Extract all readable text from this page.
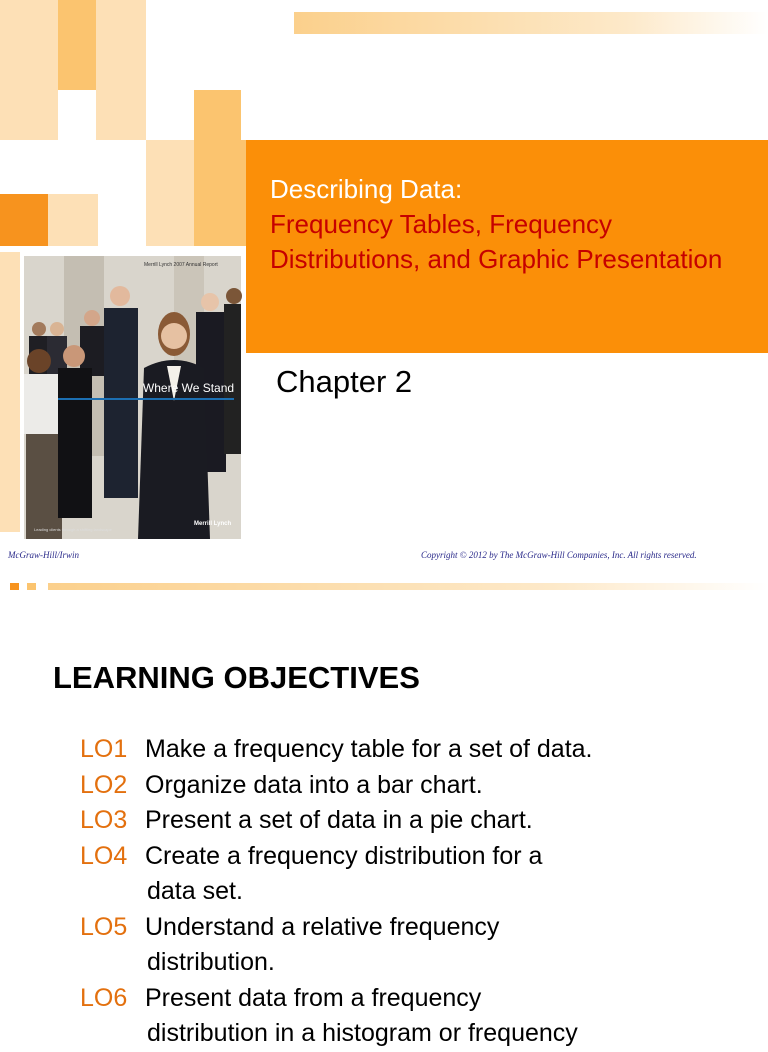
Describing Data:
Frequency Tables, Frequency Distributions, and Graphic Presentation

Chapter 2

Merrill Lynch 2007 Annual Report
Where We Stand
Leading clients through a shifting landscape
Merrill Lynch
McGraw-Hill/Irwin	Copyright © 2012 by The McGraw-Hill Companies, Inc. All rights reserved.
LEARNING OBJECTIVES
LO1 Make a frequency table for a set of data.
LO2 Organize data into a bar chart.
LO3 Present a set of data in a pie chart.
LO4 Create a frequency distribution for a
data set.
LO5 Understand a relative frequency
distribution.
LO6 Present data from a frequency
distribution in a histogram or frequency
